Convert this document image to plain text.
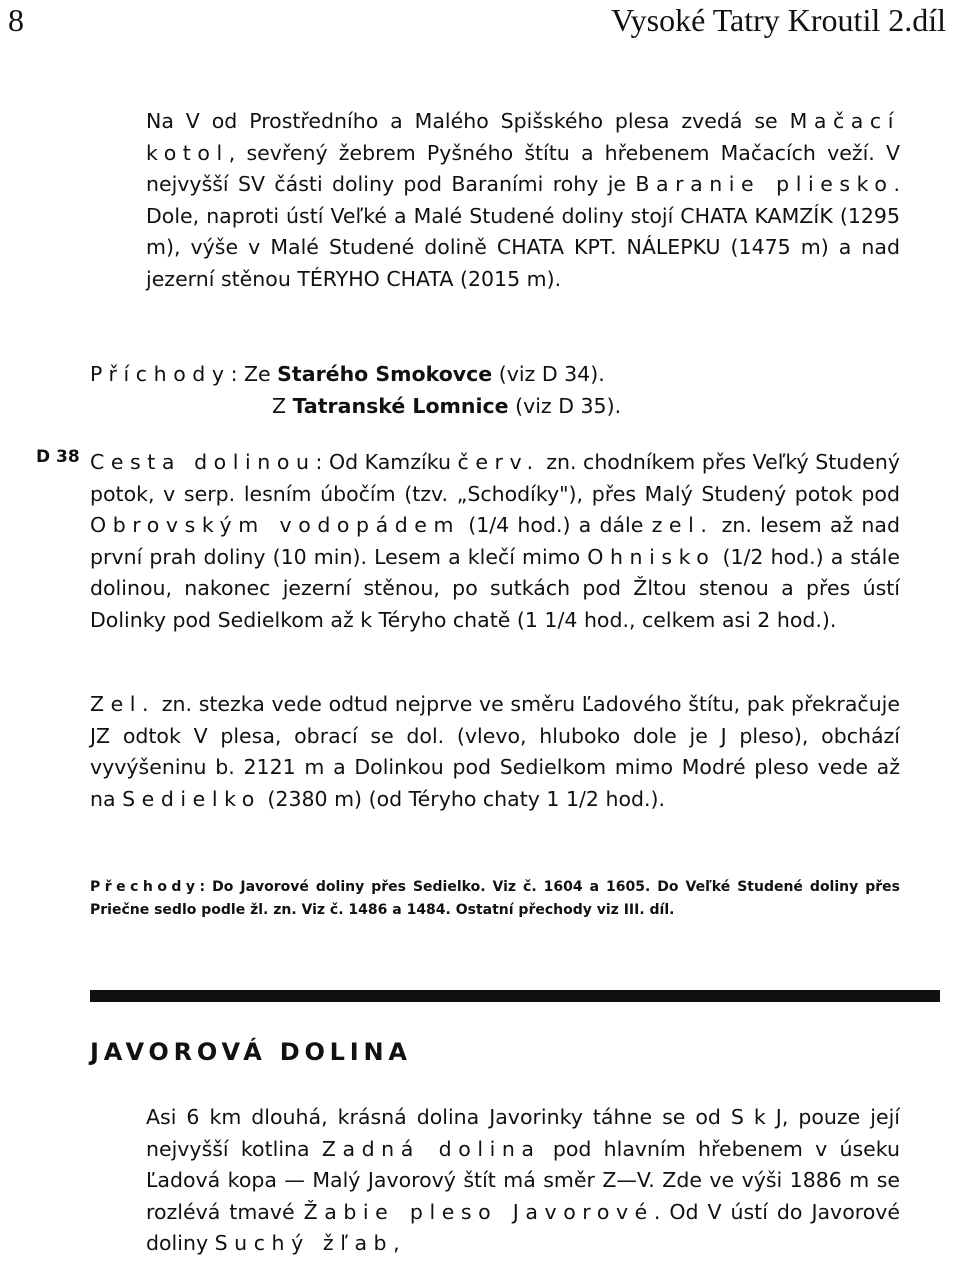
8	Vysoké Tatry Kroutil 2.díl

Na V od Prostředního a Malého Spišského plesa zvedá se Mačací kotol, sevřený žebrem Pyšného štítu a hřebenem Mačacích veží. V nejvyšší SV části doliny pod Baraními rohy je Baranie pliesko. Dole, naproti ústí Veľké a Malé Studené doliny stojí CHATA KAMZÍK (1295 m), výše v Malé Studené dolině CHATA KPT. NÁLEPKU (1475 m) a nad jezerní stěnou TÉRYHO CHATA (2015 m).

Příchody: Ze Starého Smokovce (viz D 34).

Z Tatranské Lomnice (viz D 35).

Cesta dolinou: Od Kamzíku červ. zn. chodníkem přes Veľký Studený potok, v serp. lesním úbočím (tzv. „Schodíky"), přes Malý Studený potok pod Obrovským vodopádem (1/4 hod.) a dále zel. zn. lesem až nad první prah doliny (10 min). Lesem a klečí mimo Ohnisko (1/2 hod.) a stále dolinou, nakonec jezerní stěnou, po sutkách pod Žltou stenou a přes ústí Dolinky pod Sedielkom až k Téryho chatě (1 1/4 hod., celkem asi 2 hod.).

Zel. zn. stezka vede odtud nejprve ve směru Ľadového štítu, pak překračuje JZ odtok V plesa, obrací se dol. (vlevo, hluboko dole je J pleso), obchází vyvýšeninu b. 2121 m a Dolinkou pod Sedielkom mimo Modré pleso vede až na Sedielko (2380 m) (od Téryho chaty 1 1/2 hod.).

Přechody: Do Javorové doliny přes Sedielko. Viz č. 1604 a 1605. Do Veľké Studené doliny přes Priečne sedlo podle žl. zn. Viz č. 1486 a 1484. Ostatní přechody viz III. díl.

Asi 6 km dlouhá, krásná dolina Javorinky táhne se od S k J, pouze její nejvyšší kotlina Zadná dolina pod hlavním hřebenem v úseku Ľadová kopa — Malý Javorový štít má směr Z—V. Zde ve výši 1886 m se rozlévá tmavé Žabie pleso Javorové. Od V ústí do Javorové doliny Suchý žľab,

D 38
JAVOROVÁ DOLINA
